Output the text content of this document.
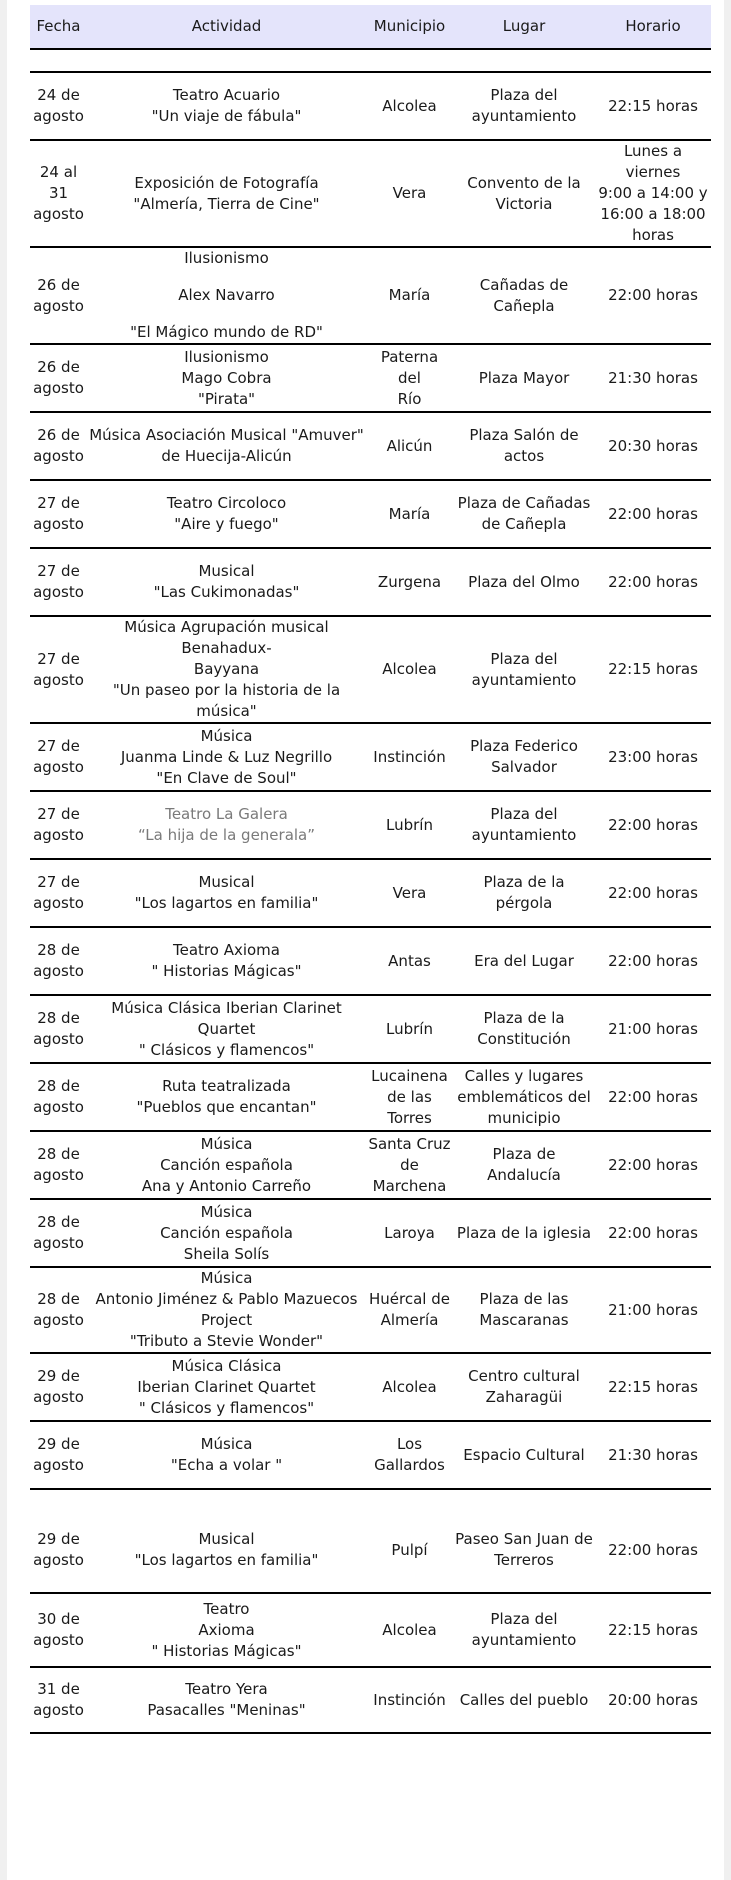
Fecha	Actividad	Municipio	Lugar	Horario

24 de
agosto	Teatro Acuario
"Un viaje de fábula"	Alcolea	Plaza del
ayuntamiento	22:15 horas

24 al 31
agosto	Exposición de Fotografía
"Almería, Tierra de Cine"	Vera	Convento de la
Victoria	Lunes a viernes
9:00 a 14:00 y
16:00 a 18:00
horas

26 de
agosto	Ilusionismo
Alex Navarro
"El Mágico mundo de RD"	María	Cañadas de
Cañepla	22:00 horas

26 de
agosto	Ilusionismo
Mago Cobra
"Pirata"	Paterna del
Río	Plaza Mayor	21:30 horas

26 de
agosto	Música Asociación Musical "Amuver"
de Huecija-Alicún	Alicún	Plaza Salón de
actos	20:30 horas

27 de
agosto	Teatro Circoloco
"Aire y fuego"	María	Plaza de Cañadas
de Cañepla	22:00 horas

27 de
agosto	Musical
"Las Cukimonadas"	Zurgena	Plaza del Olmo	22:00 horas

27 de
agosto	Música Agrupación musical Benahadux-
Bayyana
"Un paseo por la historia de la música"	Alcolea	Plaza del
ayuntamiento	22:15 horas

27 de
agosto	Música
Juanma Linde & Luz Negrillo
"En Clave de Soul"	Instinción	Plaza Federico
Salvador	23:00 horas

27 de
agosto	Teatro La Galera
“La hija de la generala”	Lubrín	Plaza del
ayuntamiento	22:00 horas

27 de
agosto	Musical
"Los lagartos en familia"	Vera	Plaza de la
pérgola	22:00 horas

28 de
agosto	Teatro Axioma
" Historias Mágicas"	Antas	Era del Lugar	22:00 horas

28 de
agosto	Música Clásica Iberian Clarinet Quartet
" Clásicos y flamencos"	Lubrín	Plaza de la
Constitución	21:00 horas

28 de
agosto	Ruta teatralizada
"Pueblos que encantan"	Lucainena
de las Torres	Calles y lugares
emblemáticos del
municipio	22:00 horas

28 de
agosto	Música
Canción española
Ana y Antonio Carreño	Santa Cruz
de
Marchena	Plaza de Andalucía	22:00 horas

28 de
agosto	Música
Canción española
Sheila Solís	Laroya	Plaza de la iglesia	22:00 horas

28 de
agosto	Música
Antonio Jiménez & Pablo Mazuecos
Project
"Tributo a Stevie Wonder"	Huércal de
Almería	Plaza de las
Mascaranas	21:00 horas

29 de
agosto	Música Clásica
Iberian Clarinet Quartet
" Clásicos y flamencos"	Alcolea	Centro cultural
Zaharagüi	22:15 horas

29 de
agosto	Música
"Echa a volar "	Los
Gallardos	Espacio Cultural	21:30 horas

29 de
agosto	Musical
"Los lagartos en familia"	Pulpí	Paseo San Juan de
Terreros	22:00 horas

30 de
agosto	Teatro
Axioma
" Historias Mágicas"	Alcolea	Plaza del
ayuntamiento	22:15 horas

31 de
agosto	Teatro Yera
Pasacalles "Meninas"	Instinción	Calles del pueblo	20:00 horas
